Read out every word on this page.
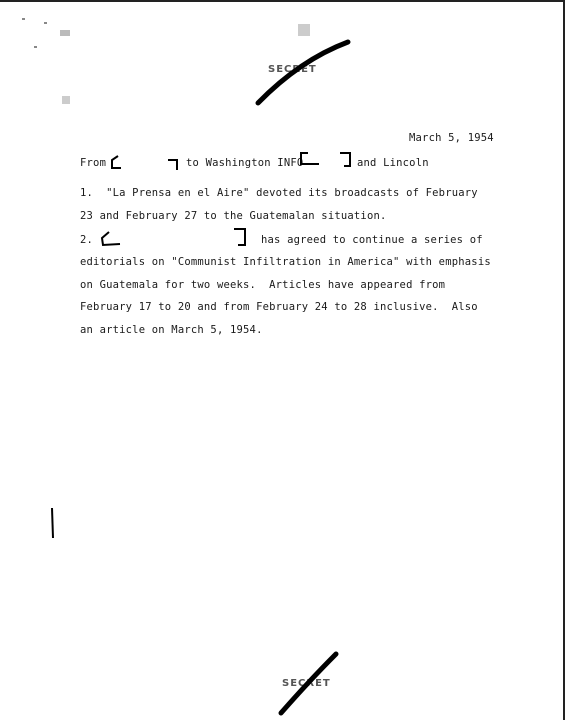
SECRET
March 5, 1954
From	to Washington INFO	and Lincoln
1.  "La Prensa en el Aire" devoted its broadcasts of February
23 and February 27 to the Guatemalan situation.
2.	has agreed to continue a series of
editorials on "Communist Infiltration in America" with emphasis
on Guatemala for two weeks.  Articles have appeared from
February 17 to 20 and from February 24 to 28 inclusive.  Also
an article on March 5, 1954.
SECRET
